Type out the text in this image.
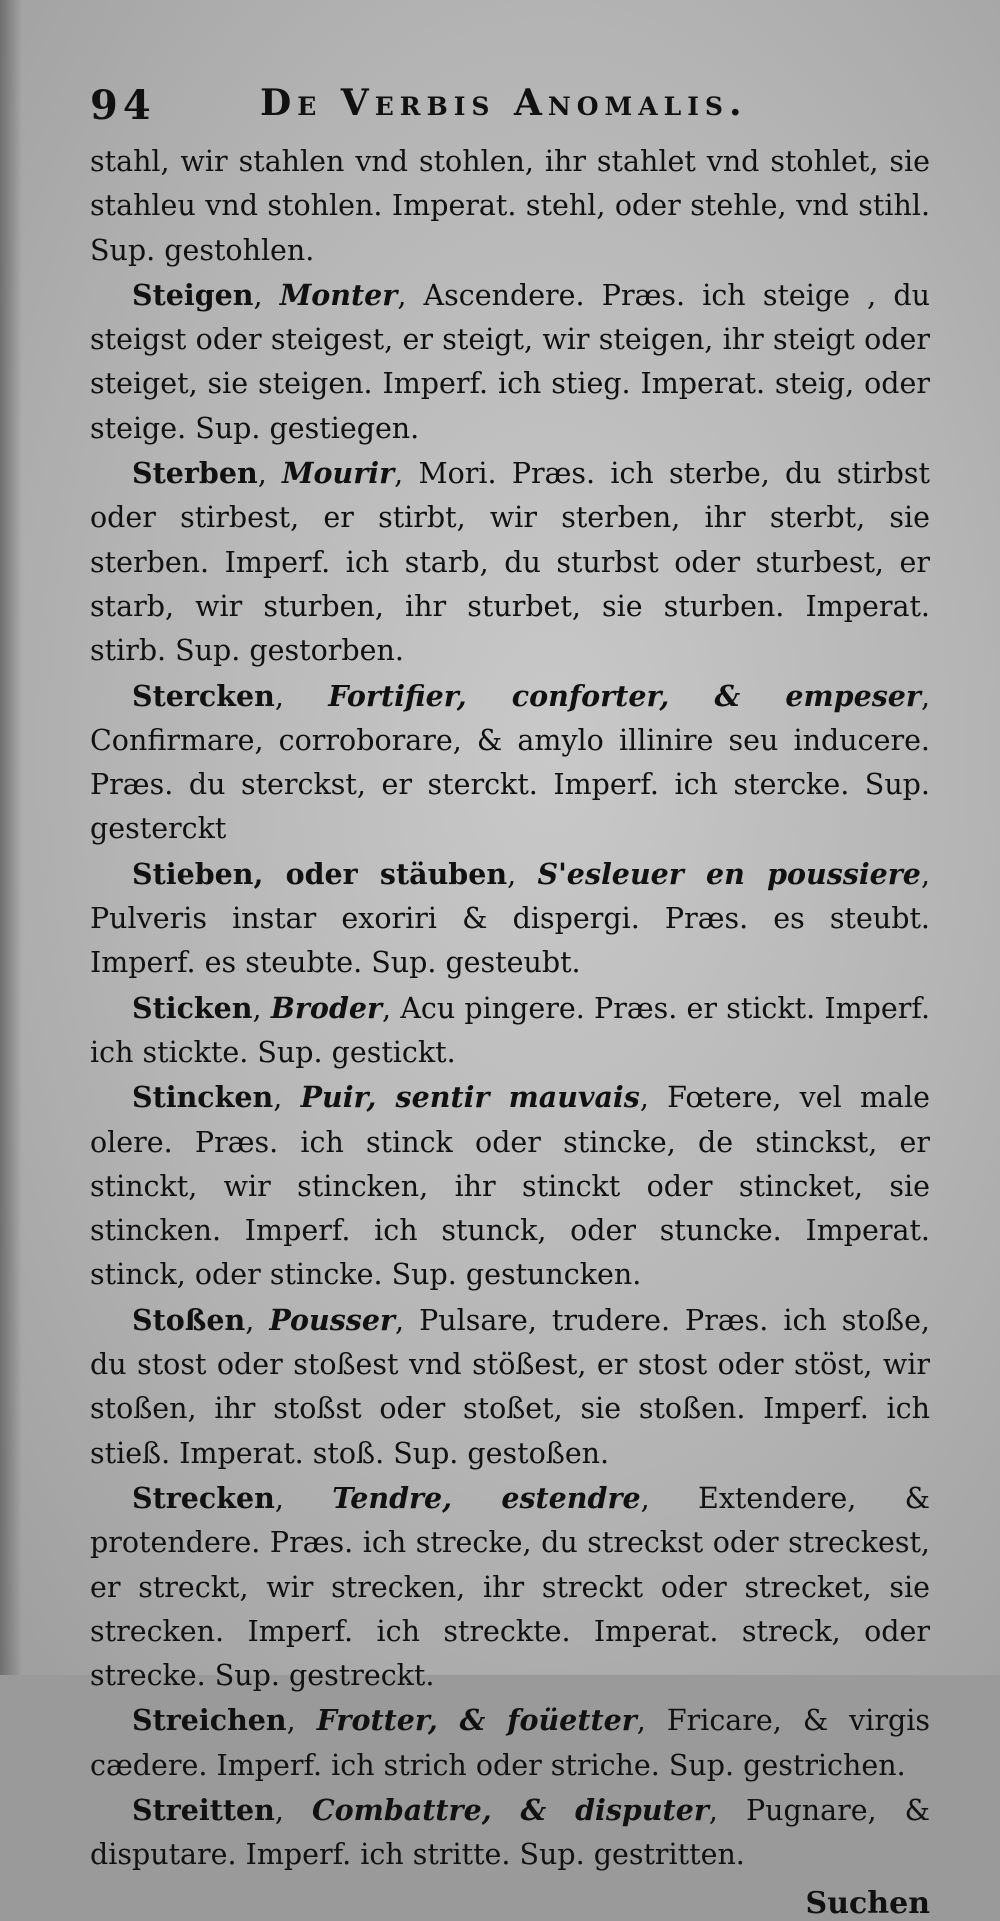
94	De Verbis Anomalis.

stahl, wir stahlen vnd stohlen, ihr stahlet vnd stohlet, sie stahleu vnd stohlen. Imperat. stehl, oder stehle, vnd stihl. Sup. gestohlen.

Steigen, Monter, Ascendere. Præs. ich steige , du steigst oder steigest, er steigt, wir steigen, ihr steigt oder steiget, sie steigen. Imperf. ich stieg. Imperat. steig, oder steige. Sup. gestiegen.

Sterben, Mourir, Mori. Præs. ich sterbe, du stirbst oder stirbest, er stirbt, wir sterben, ihr sterbt, sie sterben. Imperf. ich starb, du sturbst oder sturbest, er starb, wir sturben, ihr sturbet, sie sturben. Imperat. stirb. Sup. gestorben.

Stercken, Fortifier, conforter, & empeser, Confirmare, corroborare, & amylo illinire seu inducere. Præs. du sterckst, er sterckt. Imperf. ich stercke. Sup. gesterckt

Stieben, oder stäuben, S'esleuer en poussiere, Pulveris instar exoriri & dispergi. Præs. es steubt. Imperf. es steubte. Sup. gesteubt.

Sticken, Broder, Acu pingere. Præs. er stickt. Imperf. ich stickte. Sup. gestickt.

Stincken, Puir, sentir mauvais, Fœtere, vel male olere. Præs. ich stinck oder stincke, de stinckst, er stinckt, wir stincken, ihr stinckt oder stincket, sie stincken. Imperf. ich stunck, oder stuncke. Imperat. stinck, oder stincke. Sup. gestuncken.

Stoßen, Pousser, Pulsare, trudere. Præs. ich stoße, du stost oder stoßest vnd stößest, er stost oder stöst, wir stoßen, ihr stoßst oder stoßet, sie stoßen. Imperf. ich stieß. Imperat. stoß. Sup. gestoßen.

Strecken, Tendre, estendre, Extendere, & protendere. Præs. ich strecke, du streckst oder streckest, er streckt, wir strecken, ihr streckt oder strecket, sie strecken. Imperf. ich streckte. Imperat. streck, oder strecke. Sup. gestreckt.

Streichen, Frotter, & foüetter, Fricare, & virgis cædere. Imperf. ich strich oder striche. Sup. gestrichen.

Streitten, Combattre, & disputer, Pugnare, & disputare. Imperf. ich stritte. Sup. gestritten.

Suchen
